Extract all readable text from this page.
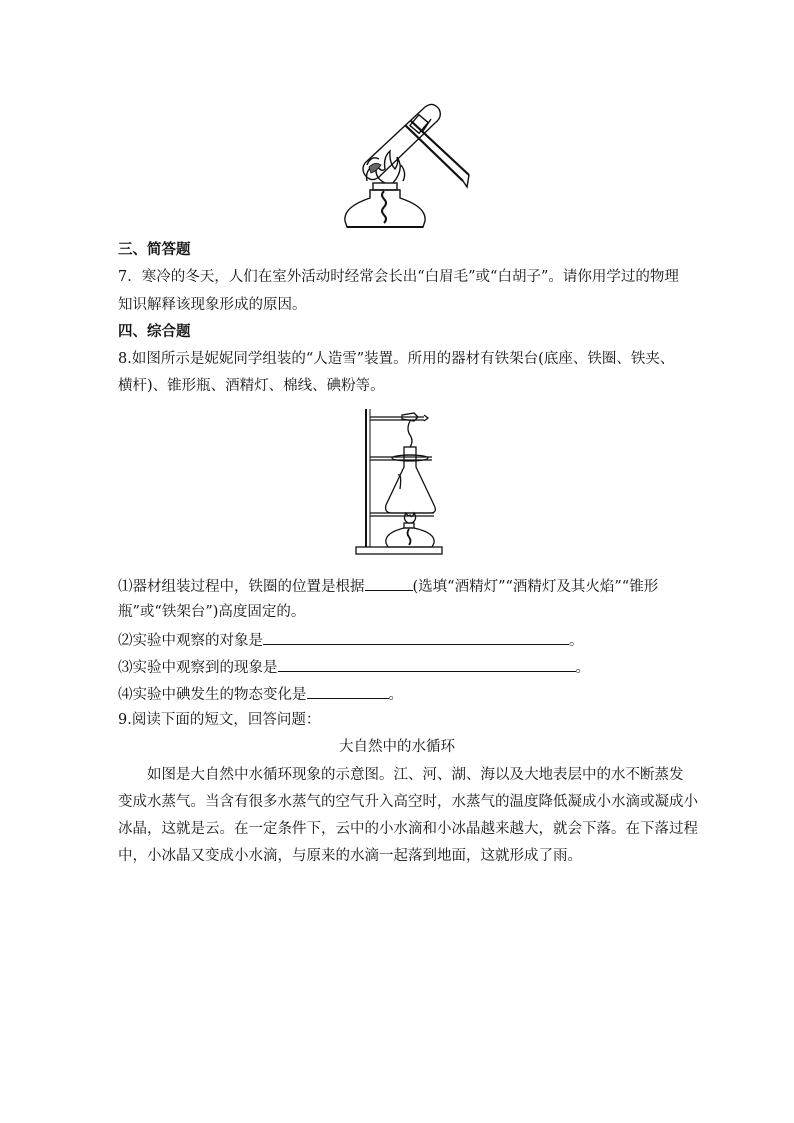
三、简答题
7．寒冷的冬天，人们在室外活动时经常会长出“白眉毛”或“白胡子”。请你用学过的物理
知识解释该现象形成的原因。
四、综合题
8.如图所示是妮妮同学组装的“人造雪”装置。所用的器材有铁架台(底座、铁圈、铁夹、
横杆)、锥形瓶、酒精灯、棉线、碘粉等。
⑴器材组装过程中，铁圈的位置是根据	(选填“酒精灯”“酒精灯及其火焰”“锥形
瓶”或“铁架台”)高度固定的。
⑵实验中观察的对象是	。
⑶实验中观察到的现象是	。
⑷实验中碘发生的物态变化是	。
9.阅读下面的短文，回答问题：
大自然中的水循环
如图是大自然中水循环现象的示意图。江、河、湖、海以及大地表层中的水不断蒸发
变成水蒸气。当含有很多水蒸气的空气升入高空时，水蒸气的温度降低凝成小水滴或凝成小
冰晶，这就是云。在一定条件下，云中的小水滴和小冰晶越来越大，就会下落。在下落过程
中，小冰晶又变成小水滴，与原来的水滴一起落到地面，这就形成了雨。
